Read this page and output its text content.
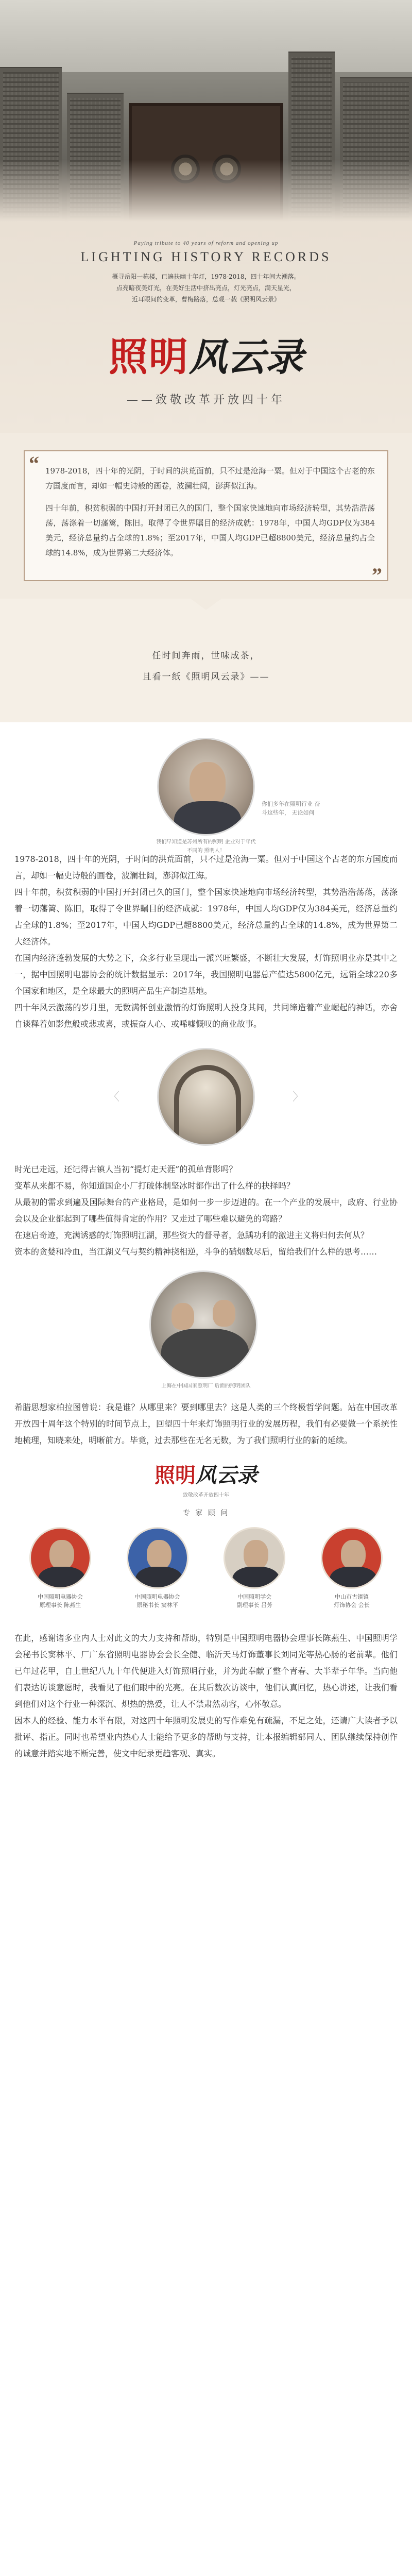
Paying tribute to 40 years of reform and opening up
LIGHTING HISTORY RECORDS
概寻岳阳一栋楼，已遍扶幽十年灯，1978-2018，四十年间大潮落。
点亮暗夜美灯光，在美好生活中挤出亮点，灯光亮点，满天星光，
近耳眼间的变革，曹梅路落，总观一载《照明风云录》
照明 风云录
——致敬改革开放四十年
“ 1978-2018，四十年的光阴，于时间的洪荒面前，只不过是沧海一粟。但对于中国这个古老的东方国度而言，却如一幅史诗般的画卷，波澜壮阔，澎湃似江海。

四十年前，积贫积弱的中国打开封闭已久的国门，整个国家快速地向市场经济转型，其势浩浩荡荡，荡涤着一切藩篱，陈旧。取得了令世界瞩目的经济成就：1978年，中国人均GDP仅为384美元，经济总量约占全球的1.8%；至2017年，中国人均GDP已超8800美元，经济总量约占全球的14.8%，成为世界第二大经济体。

”
任时间奔雨，世味成茶，
且看一纸《照明风云录》——
你们多年在照明行业 奋斗这些年， 无论如何
我们早知道是苏州所有的照明 企业对于年代不同的 照明人！

1978-2018，四十年的光阴，于时间的洪荒面前，只不过是沧海一粟。但对于中国这个古老的东方国度而言，却如一幅史诗般的画卷，波澜壮阔，澎湃似江海。

四十年前，积贫积弱的中国打开封闭已久的国门，整个国家快速地向市场经济转型，其势浩浩荡荡，荡涤着一切藩篱、陈旧，取得了令世界瞩目的经济成就：1978年，中国人均GDP仅为384美元，经济总量约占全球的1.8%；至2017年，中国人均GDP已超8800美元，经济总量约占全球的14.8%，成为世界第二大经济体。

在国内经济蓬勃发展的大势之下，众多行业呈现出一派兴旺繁盛，不断壮大发展，灯饰照明业亦是其中之一，据中国照明电器协会的统计数据显示：2017年，我国照明电器总产值达5800亿元，远销全球220多个国家和地区，是全球最大的照明产品生产制造基地。

四十年风云激荡的岁月里，无数满怀创业激情的灯饰照明人投身其间，共同缔造着产业崛起的神话，亦舍自谈释着如影焦般或悲或喜，或振奋人心、或唏嘘慨叹的商业故事。

〈	〉

时光已走远，还记得古镇人当初“提灯走天涯”的孤单背影吗？

变革从来都不易，你知道国企小厂打破体制坚冰时都作出了什么样的抉择吗？

从最初的需求到遍及国际舞台的产业格局，是如何一步一步迈进的。在一个产业的发展中，政府、行业协会以及企业都起到了哪些值得肯定的作用？又走过了哪些难以避免的弯路？

在速启奇迹，充满诱惑的灯饰照明江湖，那些资大的督导者，急踽功利的激进主义将归何去何从？

资本的贪婪和冷血，当江湖义气与契约精神挠相逆，斗争的硝烟数尽后，留给我们什么样的思考……

上海在中国国家照明厂 后面的照明团队

希腊思想家柏拉图曾说：我是谁？从哪里来？要到哪里去？这是人类的三个终极哲学问题。站在中国改革开放四十周年这个特别的时间节点上，回望四十年来灯饰照明行业的发展历程，我们有必要做一个系统性地梳理，知晓来处，明晰前方。毕竟，过去那些在无名无数，为了我们照明行业的新的延续。

照明 风云录
致敬改革开放四十年
专 家 顾 问
中国照明电器协会
原理事长 陈燕生
中国照明电器协会
原秘书长 窦林平
中国照明学会
副理事长 吕芳
中山市古镇镇
灯饰协会 会长

在此，感谢诸多业内人士对此文的大力支持和帮助，特别是中国照明电器协会理事长陈燕生、中国照明学会秘书长窦林平、厂广东省照明电器协会会长全健、临沂天马灯饰董事长刘同光等热心肠的老前辈。他们已年过花甲，自上世纪八九十年代便进入灯饰照明行业，并为此奉献了整个青春、大半辈子年华。当向他们表达访谈意愿时，我看见了他们眼中的光亮。在其后数次访谈中，他们认真回忆，热心讲述，让我们看到他们对这个行业一种深沉、炽热的热爱，让人不禁肃然动容，心怀敬意。

因本人的经验、能力水平有限，对这四十年照明发展史的写作难免有疏漏，不足之处，还请广大读者予以批评、指正。同时也希望业内热心人士能给予更多的帮助与支持，让本报编辑部同人、团队继续保持创作的诚意并踏实地不断完善，使文中纪录更趋客观、真实。
